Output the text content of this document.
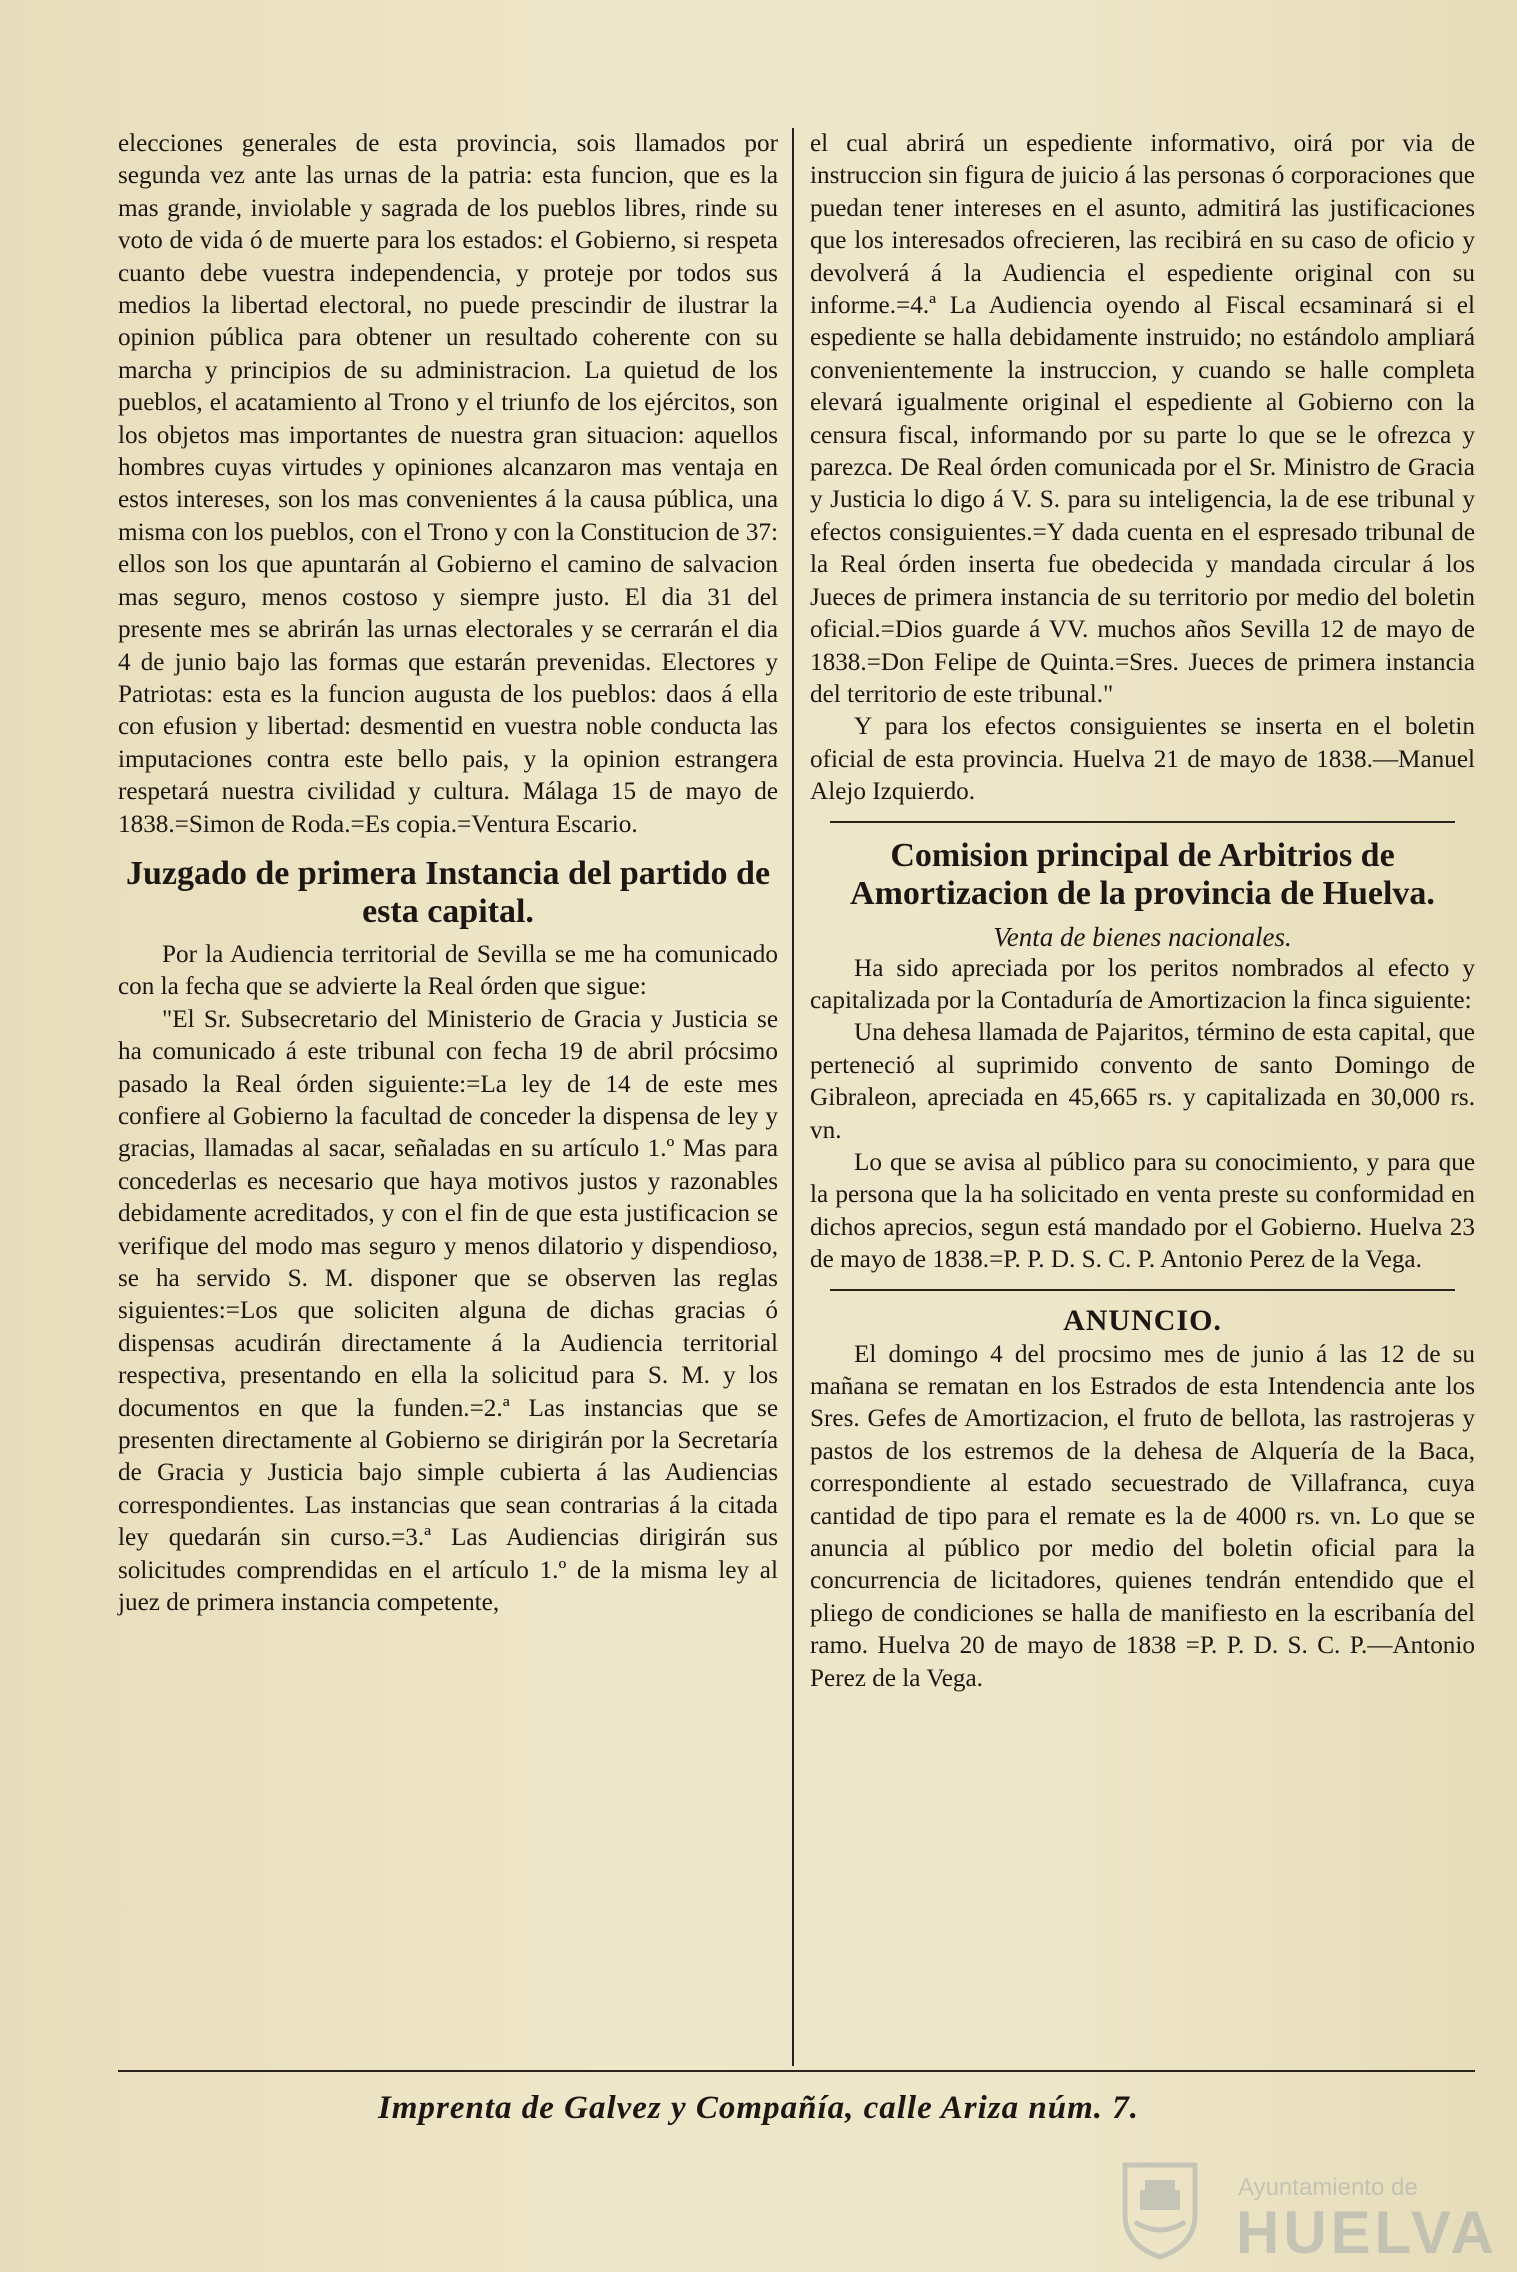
elecciones generales de esta provincia, sois llamados por segunda vez ante las urnas de la patria: esta funcion, que es la mas grande, inviolable y sagrada de los pueblos libres, rinde su voto de vida ó de muerte para los estados: el Gobierno, si respeta cuanto debe vuestra independencia, y proteje por todos sus medios la libertad electoral, no puede prescindir de ilustrar la opinion pública para obtener un resultado coherente con su marcha y principios de su administracion. La quietud de los pueblos, el acatamiento al Trono y el triunfo de los ejércitos, son los objetos mas importantes de nuestra gran situacion: aquellos hombres cuyas virtudes y opiniones alcanzaron mas ventaja en estos intereses, son los mas convenientes á la causa pública, una misma con los pueblos, con el Trono y con la Constitucion de 37: ellos son los que apuntarán al Gobierno el camino de salvacion mas seguro, menos costoso y siempre justo. El dia 31 del presente mes se abrirán las urnas electorales y se cerrarán el dia 4 de junio bajo las formas que estarán prevenidas. Electores y Patriotas: esta es la funcion augusta de los pueblos: daos á ella con efusion y libertad: desmentid en vuestra noble conducta las imputaciones contra este bello pais, y la opinion estrangera respetará nuestra civilidad y cultura. Málaga 15 de mayo de 1838.=Simon de Roda.=Es copia.=Ventura Escario.

Juzgado de primera Instancia del partido de esta capital.

Por la Audiencia territorial de Sevilla se me ha comunicado con la fecha que se advierte la Real órden que sigue:

"El Sr. Subsecretario del Ministerio de Gracia y Justicia se ha comunicado á este tribunal con fecha 19 de abril prócsimo pasado la Real órden siguiente:=La ley de 14 de este mes confiere al Gobierno la facultad de conceder la dispensa de ley y gracias, llamadas al sacar, señaladas en su artículo 1.º Mas para concederlas es necesario que haya motivos justos y razonables debidamente acreditados, y con el fin de que esta justificacion se verifique del modo mas seguro y menos dilatorio y dispendioso, se ha servido S. M. disponer que se observen las reglas siguientes:=Los que soliciten alguna de dichas gracias ó dispensas acudirán directamente á la Audiencia territorial respectiva, presentando en ella la solicitud para S. M. y los documentos en que la funden.=2.ª Las instancias que se presenten directamente al Gobierno se dirigirán por la Secretaría de Gracia y Justicia bajo simple cubierta á las Audiencias correspondientes. Las instancias que sean contrarias á la citada ley quedarán sin curso.=3.ª Las Audiencias dirigirán sus solicitudes comprendidas en el artículo 1.º de la misma ley al juez de primera instancia competente,

el cual abrirá un espediente informativo, oirá por via de instruccion sin figura de juicio á las personas ó corporaciones que puedan tener intereses en el asunto, admitirá las justificaciones que los interesados ofrecieren, las recibirá en su caso de oficio y devolverá á la Audiencia el espediente original con su informe.=4.ª La Audiencia oyendo al Fiscal ecsaminará si el espediente se halla debidamente instruido; no estándolo ampliará convenientemente la instruccion, y cuando se halle completa elevará igualmente original el espediente al Gobierno con la censura fiscal, informando por su parte lo que se le ofrezca y parezca. De Real órden comunicada por el Sr. Ministro de Gracia y Justicia lo digo á V. S. para su inteligencia, la de ese tribunal y efectos consiguientes.=Y dada cuenta en el espresado tribunal de la Real órden inserta fue obedecida y mandada circular á los Jueces de primera instancia de su territorio por medio del boletin oficial.=Dios guarde á VV. muchos años Sevilla 12 de mayo de 1838.=Don Felipe de Quinta.=Sres. Jueces de primera instancia del territorio de este tribunal."

Y para los efectos consiguientes se inserta en el boletin oficial de esta provincia. Huelva 21 de mayo de 1838.—Manuel Alejo Izquierdo.

Comision principal de Arbitrios de Amortizacion de la provincia de Huelva.

Venta de bienes nacionales.

Ha sido apreciada por los peritos nombrados al efecto y capitalizada por la Contaduría de Amortizacion la finca siguiente:

Una dehesa llamada de Pajaritos, término de esta capital, que perteneció al suprimido convento de santo Domingo de Gibraleon, apreciada en 45,665 rs. y capitalizada en 30,000 rs. vn.

Lo que se avisa al público para su conocimiento, y para que la persona que la ha solicitado en venta preste su conformidad en dichos aprecios, segun está mandado por el Gobierno. Huelva 23 de mayo de 1838.=P. P. D. S. C. P. Antonio Perez de la Vega.

ANUNCIO.

El domingo 4 del procsimo mes de junio á las 12 de su mañana se rematan en los Estrados de esta Intendencia ante los Sres. Gefes de Amortizacion, el fruto de bellota, las rastrojeras y pastos de los estremos de la dehesa de Alquería de la Baca, correspondiente al estado secuestrado de Villafranca, cuya cantidad de tipo para el remate es la de 4000 rs. vn. Lo que se anuncia al público por medio del boletin oficial para la concurrencia de licitadores, quienes tendrán entendido que el pliego de condiciones se halla de manifiesto en la escribanía del ramo. Huelva 20 de mayo de 1838 =P. P. D. S. C. P.—Antonio Perez de la Vega.

Imprenta de Galvez y Compañía, calle Ariza núm. 7.
Ayuntamiento de
HUELVA
